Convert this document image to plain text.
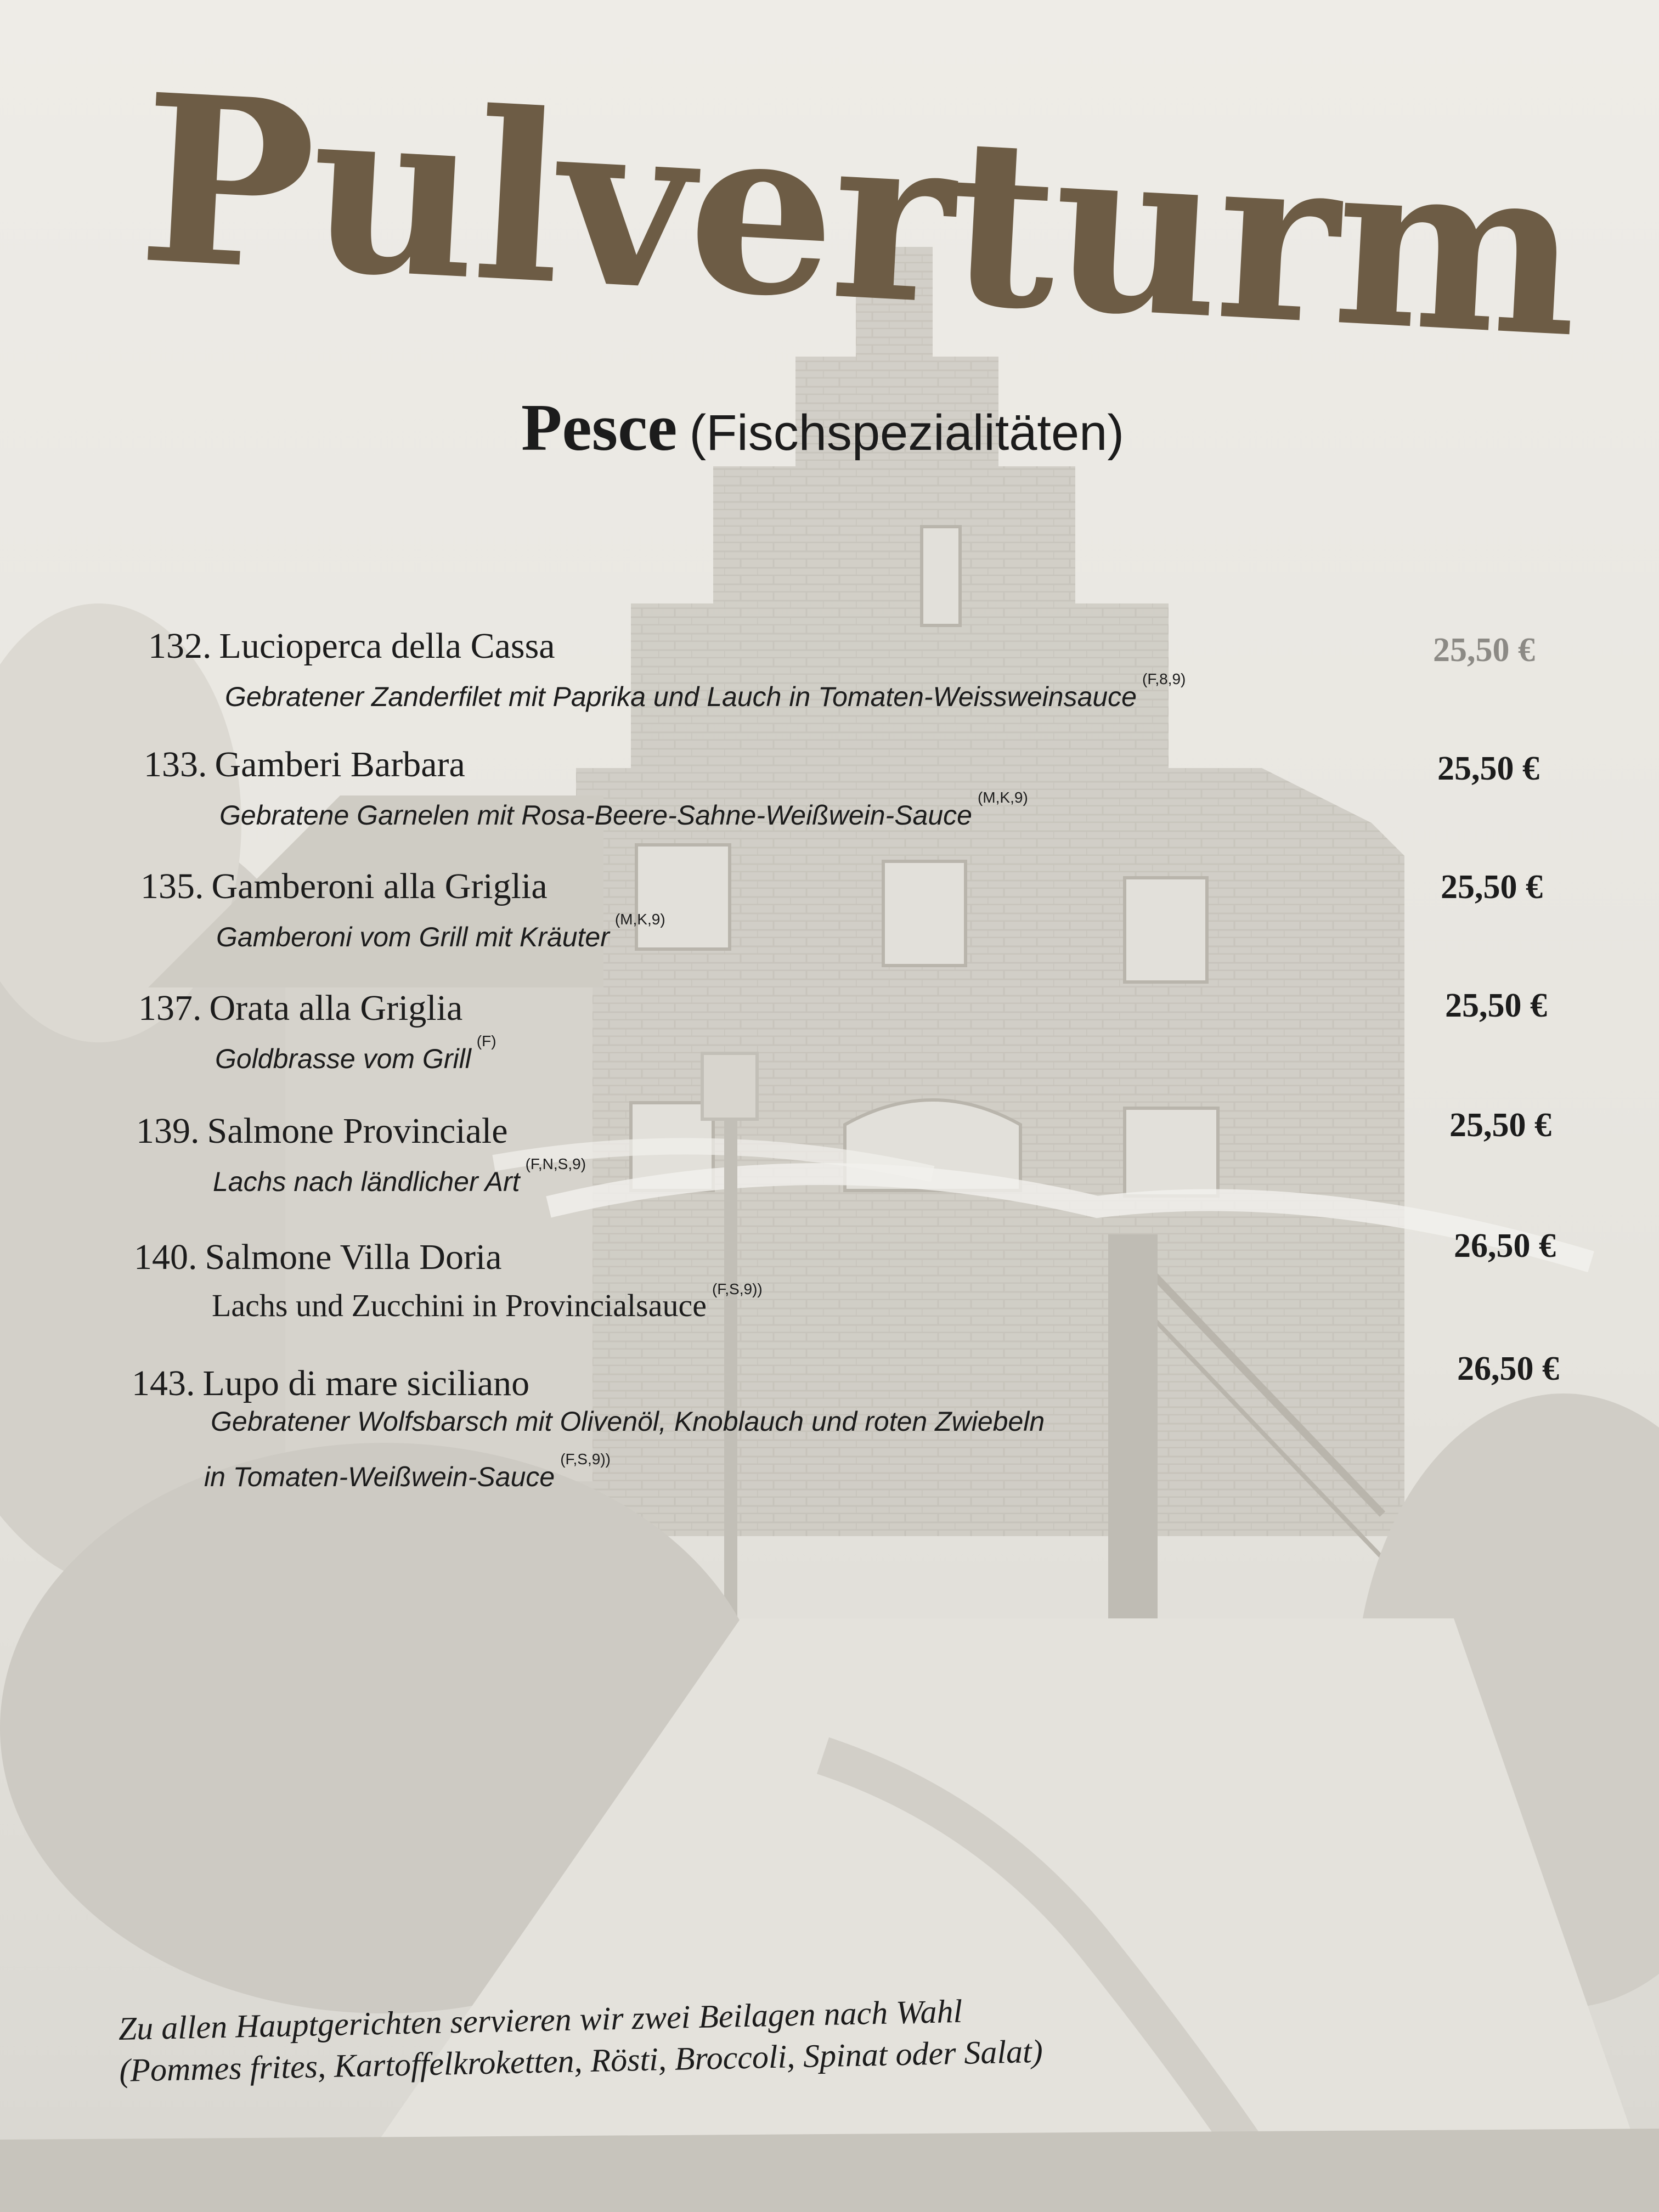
Pulverturm
Pesce (Fischspezialitäten)
132. Lucioperca della Cassa
Gebratener Zanderfilet mit Paprika und Lauch in Tomaten-Weissweinsauce$^{(F,8,9)}$
25,50 €
133. Gamberi Barbara
Gebratene Garnelen mit Rosa-Beere-Sahne-Weißwein-Sauce$^{(M,K,9)}$
25,50 €
135. Gamberoni alla Griglia
Gamberoni vom Grill mit Kräuter$^{(M,K,9)}$
25,50 €
137. Orata alla Griglia
Goldbrasse vom Grill$^{(F)}$
25,50 €
139. Salmone Provinciale
Lachs nach ländlicher Art$^{(F,N,S,9)}$
25,50 €
140. Salmone Villa Doria
Lachs und Zucchini in Provincialsauce $^{(F,S,9))}$
26,50 €
143. Lupo di mare siciliano
Gebratener Wolfsbarsch mit Olivenöl, Knoblauch und roten Zwiebeln
in Tomaten-Weißwein-Sauce$^{(F,S,9))}$
26,50 €
Zu allen Hauptgerichten servieren wir zwei Beilagen nach Wahl
(Pommes frites, Kartoffelkroketten, Rösti, Broccoli, Spinat oder Salat)
